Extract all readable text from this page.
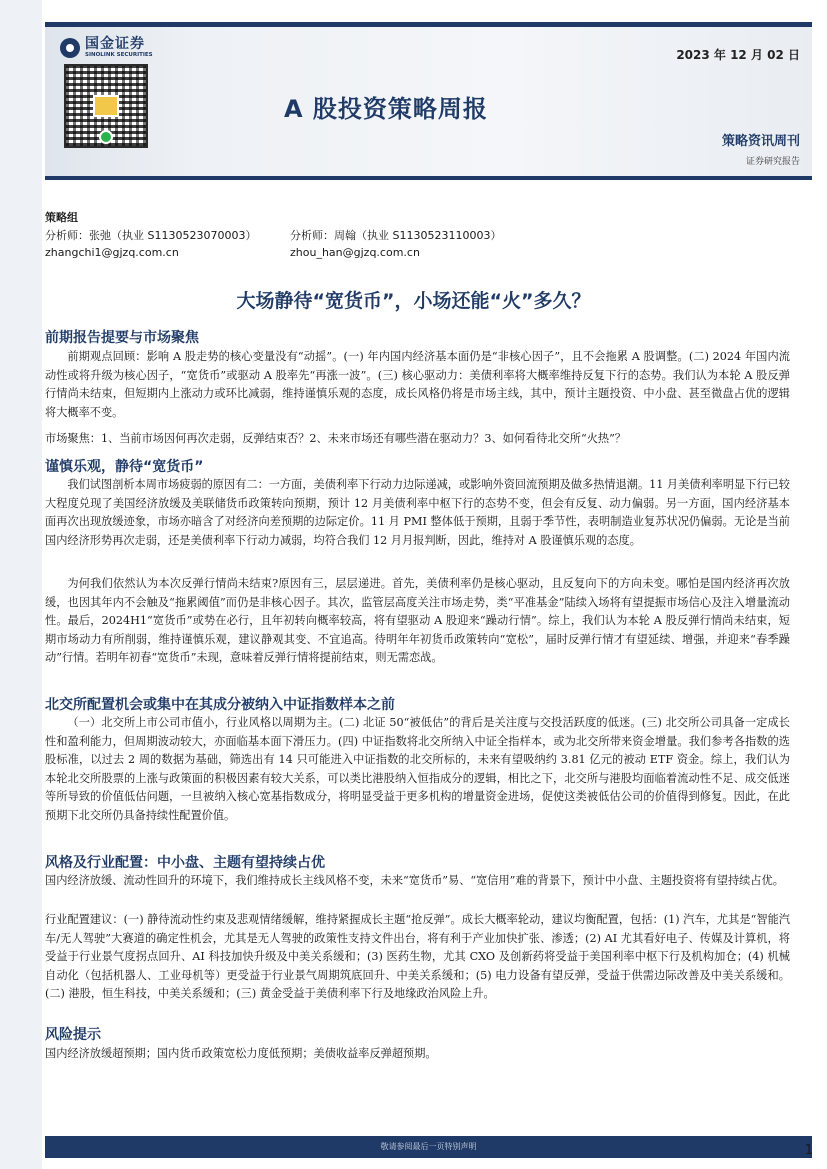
国金证券
SINOLINK SECURITIES	2023 年 12 月 02 日
A 股投资策略周报
策略资讯周刊
证券研究报告
策略组
分析师：张弛（执业 S1130523070003）
zhangchi1@gjzq.com.cn
分析师：周翰（执业 S1130523110003）
zhou_han@gjzq.com.cn
大场静待“宽货币”，小场还能“火”多久？
前期报告提要与市场聚焦
前期观点回顾：影响 A 股走势的核心变量没有“动摇”。(一) 年内国内经济基本面仍是“非核心因子”，且不会拖累 A 股调整。(二) 2024 年国内流动性或将升级为核心因子，“宽货币”或驱动 A 股率先“再涨一波”。(三) 核心驱动力：美债利率将大概率维持反复下行的态势。我们认为本轮 A 股反弹行情尚未结束，但短期内上涨动力或环比减弱，维持谨慎乐观的态度，成长风格仍将是市场主线，其中，预计主题投资、中小盘、甚至微盘占优的逻辑将大概率不变。
市场聚焦：1、当前市场因何再次走弱，反弹结束否？2、未来市场还有哪些潜在驱动力？3、如何看待北交所“火热”？
谨慎乐观，静待“宽货币”
我们试图剖析本周市场疲弱的原因有二：一方面，美债利率下行动力边际递减，或影响外资回流预期及做多热情退潮。11 月美债利率明显下行已较大程度兑现了美国经济放缓及美联储货币政策转向预期，预计 12 月美债利率中枢下行的态势不变，但会有反复、动力偏弱。另一方面，国内经济基本面再次出现放缓迹象，市场亦暗含了对经济向差预期的边际定价。11 月 PMI 整体低于预期，且弱于季节性，表明制造业复苏状况仍偏弱。无论是当前国内经济形势再次走弱，还是美债利率下行动力减弱，均符合我们 12 月月报判断，因此，维持对 A 股谨慎乐观的态度。
为何我们依然认为本次反弹行情尚未结束?原因有三，层层递进。首先，美债利率仍是核心驱动，且反复向下的方向未变。哪怕是国内经济再次放缓，也因其年内不会触及“拖累阈值”而仍是非核心因子。其次，监管层高度关注市场走势，类“平准基金”陆续入场将有望提振市场信心及注入增量流动性。最后，2024H1“宽货币”或势在必行，且年初转向概率较高，将有望驱动 A 股迎来“躁动行情”。综上，我们认为本轮 A 股反弹行情尚未结束，短期市场动力有所削弱，维持谨慎乐观，建议静观其变、不宜追高。待明年年初货币政策转向“宽松”，届时反弹行情才有望延续、增强，并迎来“春季躁动”行情。若明年初春“宽货币”未现，意味着反弹行情将提前结束，则无需恋战。
北交所配置机会或集中在其成分被纳入中证指数样本之前
（一）北交所上市公司市值小，行业风格以周期为主。(二) 北证 50“被低估”的背后是关注度与交投活跃度的低迷。(三) 北交所公司具备一定成长性和盈利能力，但周期波动较大，亦面临基本面下滑压力。(四) 中证指数将北交所纳入中证全指样本，或为北交所带来资金增量。我们参考各指数的选股标准，以过去 2 周的数据为基础，筛选出有 14 只可能进入中证指数的北交所标的，未来有望吸纳约 3.81 亿元的被动 ETF 资金。综上，我们认为本轮北交所股票的上涨与政策面的积极因素有较大关系，可以类比港股纳入恒指成分的逻辑，相比之下，北交所与港股均面临着流动性不足、成交低迷等所导致的价值低估问题，一旦被纳入核心宽基指数成分，将明显受益于更多机构的增量资金进场，促使这类被低估公司的价值得到修复。因此，在此预期下北交所仍具备持续性配置价值。
风格及行业配置：中小盘、主题有望持续占优
国内经济放缓、流动性回升的环境下，我们维持成长主线风格不变，未来“宽货币”易、“宽信用”难的背景下，预计中小盘、主题投资将有望持续占优。
行业配置建议：(一) 静待流动性约束及悲观情绪缓解，维持紧握成长主题“抢反弹”。成长大概率轮动，建议均衡配置，包括：(1) 汽车，尤其是“智能汽车/无人驾驶”大赛道的确定性机会，尤其是无人驾驶的政策性支持文件出台，将有利于产业加快扩张、渗透；(2) AI 尤其看好电子、传媒及计算机，将受益于行业景气度拐点回升、AI 科技加快升级及中美关系缓和；(3) 医药生物，尤其 CXO 及创新药将受益于美国利率中枢下行及机构加仓；(4) 机械自动化（包括机器人、工业母机等）更受益于行业景气周期筑底回升、中美关系缓和；(5) 电力设备有望反弹，受益于供需边际改善及中美关系缓和。(二) 港股，恒生科技，中美关系缓和；(三) 黄金受益于美债利率下行及地缘政治风险上升。
风险提示
国内经济放缓超预期；国内货币政策宽松力度低预期；美债收益率反弹超预期。
敬请参阅最后一页特别声明	1
